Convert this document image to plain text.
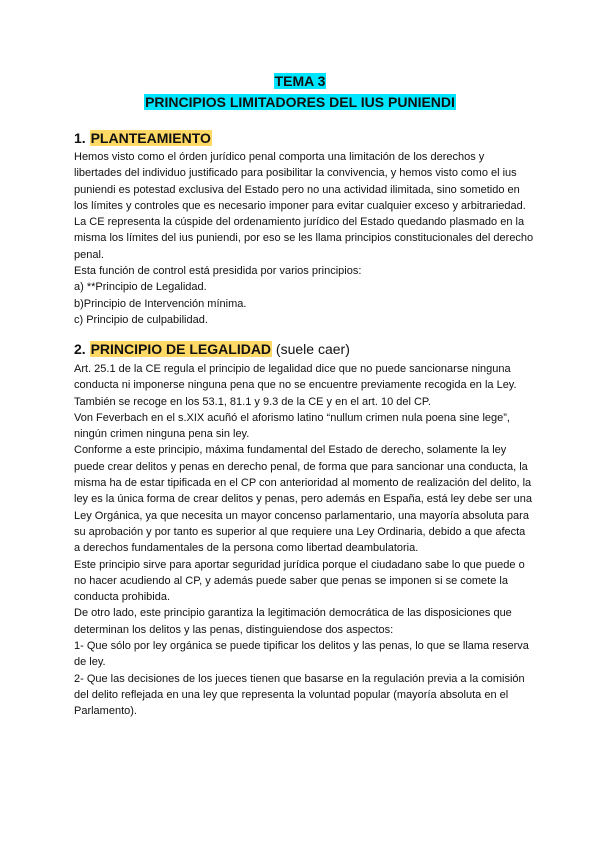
TEMA 3
PRINCIPIOS LIMITADORES DEL IUS PUNIENDI

1. PLANTEAMIENTO

Hemos visto como el órden jurídico penal comporta una limitación de los derechos y libertades del individuo justificado para posibilitar la convivencia, y hemos visto como el ius puniendi es potestad exclusiva del Estado pero no una actividad ilimitada, sino sometido en los límites y controles que es necesario imponer para evitar cualquier exceso y arbitrariedad. La CE representa la cúspide del ordenamiento jurídico del Estado quedando plasmado en la misma los límites del ius puniendi, por eso se les llama principios constitucionales del derecho penal.

Esta función de control está presidida por varios principios:

a) **Principio de Legalidad.

b)Principio de Intervención mínima.

c) Principio de culpabilidad.

2. PRINCIPIO DE LEGALIDAD (suele caer)

Art. 25.1 de la CE regula el principio de legalidad dice que no puede sancionarse ninguna conducta ni imponerse ninguna pena que no se encuentre previamente recogida en la Ley.

También se recoge en los 53.1, 81.1 y 9.3 de la CE y en el art. 10 del CP.

Von Feverbach en el s.XIX acuñó el aforismo latino “nullum crimen nula poena sine lege”, ningún crimen ninguna pena sin ley.

Conforme a este principio, máxima fundamental del Estado de derecho, solamente la ley puede crear delitos y penas en derecho penal, de forma que para sancionar una conducta, la misma ha de estar tipificada en el CP con anterioridad al momento de realización del delito, la ley es la única forma de crear delitos y penas, pero además en España, está ley debe ser una Ley Orgánica, ya que necesita un mayor concenso parlamentario, una mayoría absoluta para su aprobación y por tanto es superior al que requiere una Ley Ordinaria, debido a que afecta a derechos fundamentales de la persona como libertad deambulatoria.

Este principio sirve para aportar seguridad jurídica porque el ciudadano sabe lo que puede o no hacer acudiendo al CP, y además puede saber que penas se imponen si se comete la conducta prohibida.

De otro lado, este principio garantiza la legitimación democrática de las disposiciones que determinan los delitos y las penas, distinguiendose dos aspectos:

1- Que sólo por ley orgánica se puede tipificar los delitos y las penas, lo que se llama reserva de ley.

2- Que las decisiones de los jueces tienen que basarse en la regulación previa a la comisión del delito reflejada en una ley que representa la voluntad popular (mayoría absoluta en el Parlamento).
